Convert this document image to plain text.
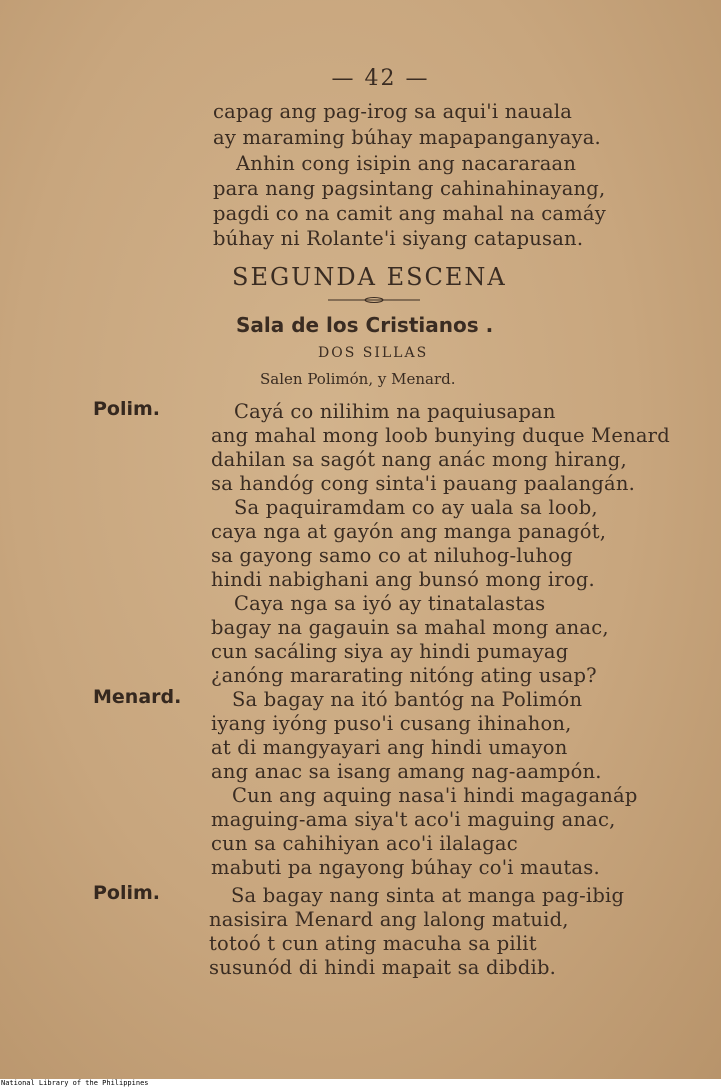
— 42 —
capag ang pag-irog sa aqui'i nauala
ay maraming búhay mapapanganyaya.
Anhin cong isipin ang nacararaan
para nang pagsintang cahinahinayang,
pagdi co na camit ang mahal na camáy
búhay ni Rolante'i siyang catapusan.
SEGUNDA ESCENA
Sala de los Cristianos .
DOS SILLAS
Salen Polimón, y Menard.
Polim.
Menard.
Polim.
Cayá co nilihim na paquiusapan
ang mahal mong loob bunying duque Menard
dahilan sa sagót nang anác mong hirang,
sa handóg cong sinta'i pauang paalangán.
Sa paquiramdam co ay uala sa loob,
caya nga at gayón ang manga panagót,
sa gayong samo co at niluhog-luhog
hindi nabighani ang bunsó mong irog.
Caya nga sa iyó ay tinatalastas
bagay na gagauin sa mahal mong anac,
cun sacáling siya ay hindi pumayag
¿anóng mararating nitóng ating usap?
Sa bagay na itó bantóg na Polimón
iyang iyóng puso'i cusang ihinahon,
at di mangyayari ang hindi umayon
ang anac sa isang amang nag-aampón.
Cun ang aquing nasa'i hindi magaganáp
maguing-ama siya't aco'i maguing anac,
cun sa cahihiyan aco'i ilalagac
mabuti pa ngayong búhay co'i mautas.
Sa bagay nang sinta at manga pag-ibig
nasisira Menard ang lalong matuid,
totoó t cun ating macuha sa pilit
susunód di hindi mapait sa dibdib.
National Library of the Philippines
